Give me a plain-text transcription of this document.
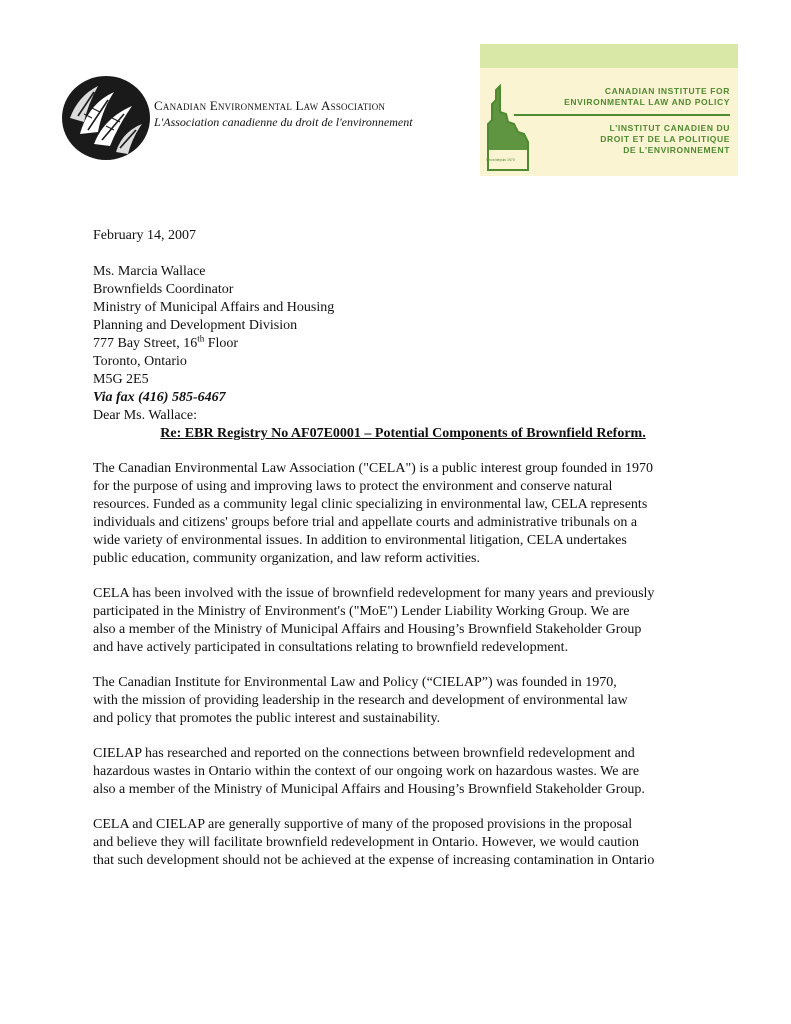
Canadian Environmental Law Association
L'Association canadienne du droit de l'environnement
CANADIAN INSTITUTE FOR
ENVIRONMENTAL LAW AND POLICY
L'INSTITUT CANADIEN DU
DROIT ET DE LA POLITIQUE
DE L'ENVIRONNEMENT
Since/depuis 1970

February 14, 2007

Ms. Marcia Wallace
Brownfields Coordinator
Ministry of Municipal Affairs and Housing
Planning and Development Division
777 Bay Street, 16th Floor
Toronto, Ontario
M5G 2E5

Via fax (416) 585-6467

Dear Ms. Wallace:

Re: EBR Registry No AF07E0001 – Potential Components of Brownfield Reform.

The Canadian Environmental Law Association ("CELA") is a public interest group founded in 1970
for the purpose of using and improving laws to protect the environment and conserve natural
resources. Funded as a community legal clinic specializing in environmental law, CELA represents
individuals and citizens' groups before trial and appellate courts and administrative tribunals on a
wide variety of environmental issues. In addition to environmental litigation, CELA undertakes
public education, community organization, and law reform activities.
CELA has been involved with the issue of brownfield redevelopment for many years and previously
participated in the Ministry of Environment's ("MoE") Lender Liability Working Group. We are
also a member of the Ministry of Municipal Affairs and Housing’s Brownfield Stakeholder Group
and have actively participated in consultations relating to brownfield redevelopment.
The Canadian Institute for Environmental Law and Policy (“CIELAP”) was founded in 1970,
with the mission of providing leadership in the research and development of environmental law
and policy that promotes the public interest and sustainability.
CIELAP has researched and reported on the connections between brownfield redevelopment and
hazardous wastes in Ontario within the context of our ongoing work on hazardous wastes. We are
also a member of the Ministry of Municipal Affairs and Housing’s Brownfield Stakeholder Group.
CELA and CIELAP are generally supportive of many of the proposed provisions in the proposal
and believe they will facilitate brownfield redevelopment in Ontario. However, we would caution
that such development should not be achieved at the expense of increasing contamination in Ontario
